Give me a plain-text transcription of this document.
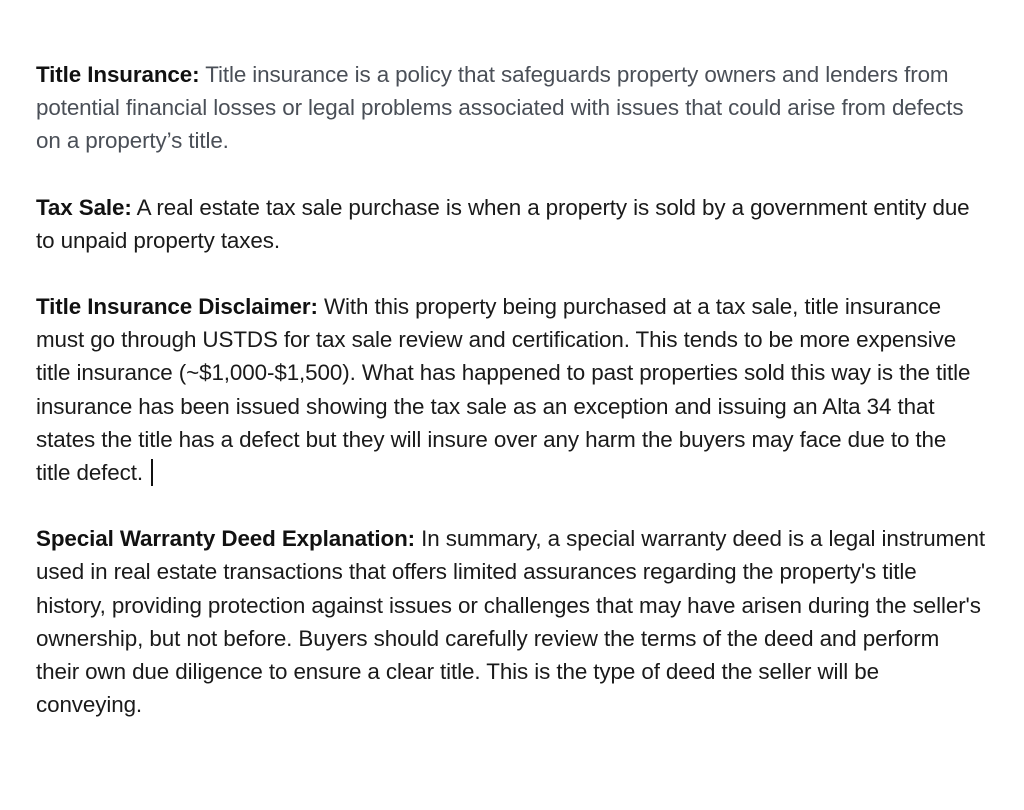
Title Insurance: Title insurance is a policy that safeguards property owners and lenders from potential financial losses or legal problems associated with issues that could arise from defects on a property’s title.

Tax Sale: A real estate tax sale purchase is when a property is sold by a government entity due to unpaid property taxes.

Title Insurance Disclaimer: With this property being purchased at a tax sale, title insurance must go through USTDS for tax sale review and certification. This tends to be more expensive title insurance (~$1,000-$1,500). What has happened to past properties sold this way is the title insurance has been issued showing the tax sale as an exception and issuing an Alta 34 that states the title has a defect but they will insure over any harm the buyers may face due to the title defect.

Special Warranty Deed Explanation: In summary, a special warranty deed is a legal instrument used in real estate transactions that offers limited assurances regarding the property's title history, providing protection against issues or challenges that may have arisen during the seller's ownership, but not before. Buyers should carefully review the terms of the deed and perform their own due diligence to ensure a clear title. This is the type of deed the seller will be conveying.
